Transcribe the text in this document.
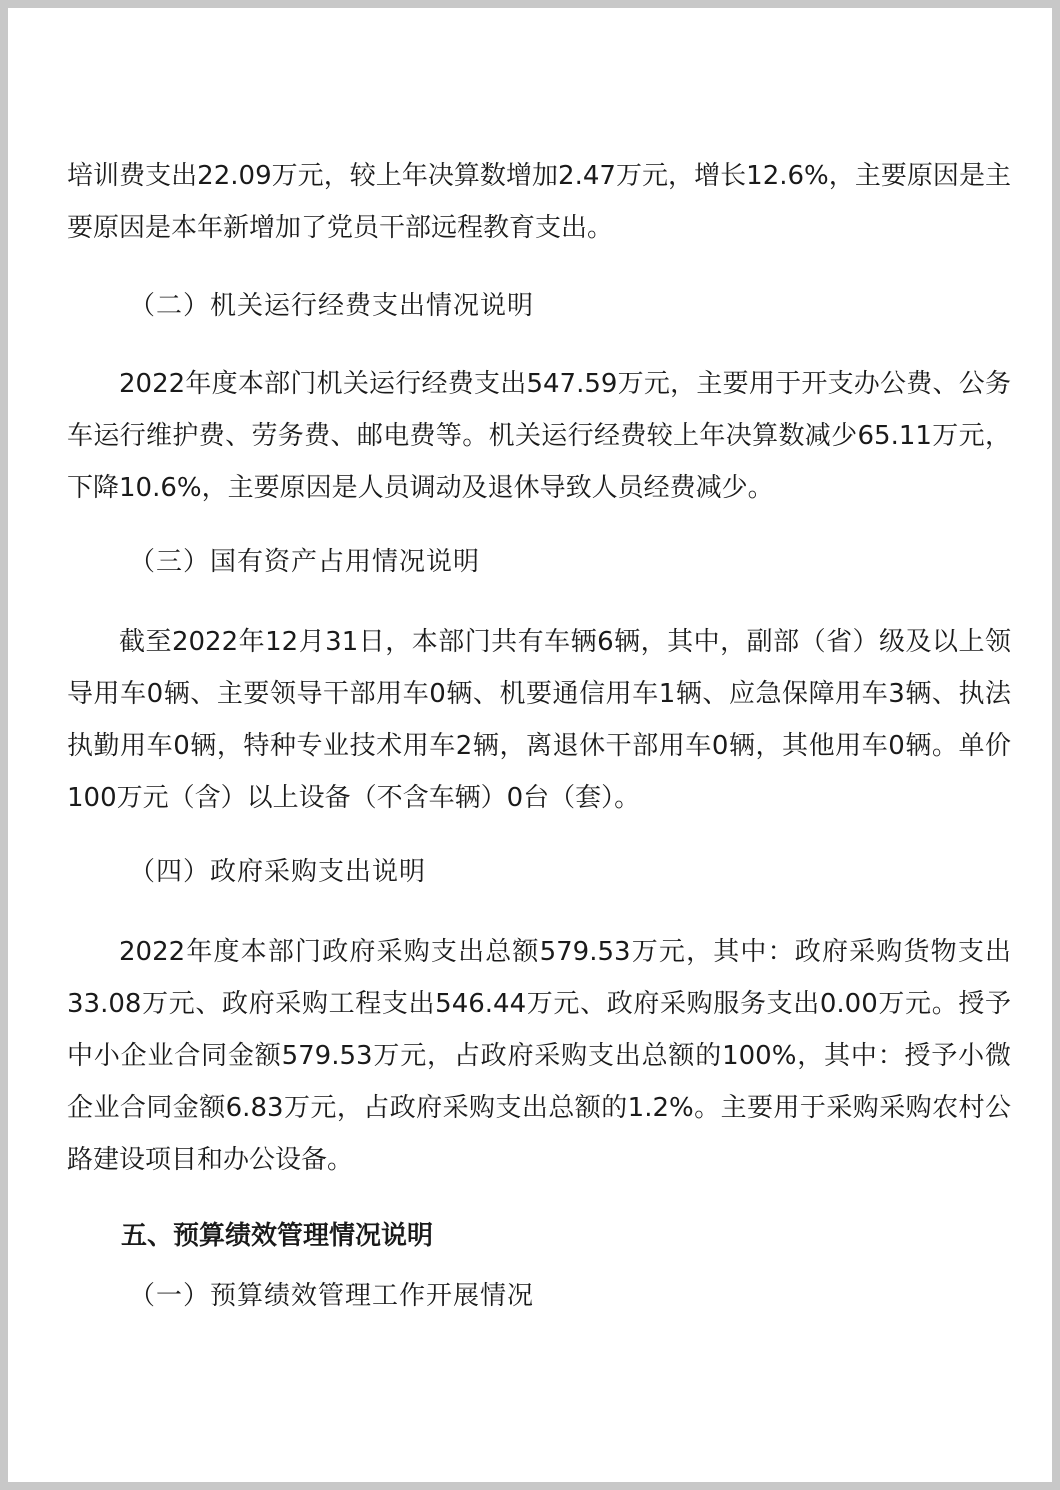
培训费支出22.09万元，较上年决算数增加2.47万元，增长12.6%，主要原因是主要原因是本年新增加了党员干部远程教育支出。

（二）机关运行经费支出情况说明

2022年度本部门机关运行经费支出547.59万元，主要用于开支办公费、公务车运行维护费、劳务费、邮电费等。机关运行经费较上年决算数减少65.11万元，下降10.6%，主要原因是人员调动及退休导致人员经费减少。

（三）国有资产占用情况说明

截至2022年12月31日，本部门共有车辆6辆，其中，副部（省）级及以上领导用车0辆、主要领导干部用车0辆、机要通信用车1辆、应急保障用车3辆、执法执勤用车0辆，特种专业技术用车2辆，离退休干部用车0辆，其他用车0辆。单价100万元（含）以上设备（不含车辆）0台（套）。

（四）政府采购支出说明

2022年度本部门政府采购支出总额579.53万元，其中：政府采购货物支出33.08万元、政府采购工程支出546.44万元、政府采购服务支出0.00万元。授予中小企业合同金额579.53万元，占政府采购支出总额的100%，其中：授予小微企业合同金额6.83万元，占政府采购支出总额的1.2%。主要用于采购采购农村公路建设项目和办公设备。

五、预算绩效管理情况说明

（一）预算绩效管理工作开展情况
